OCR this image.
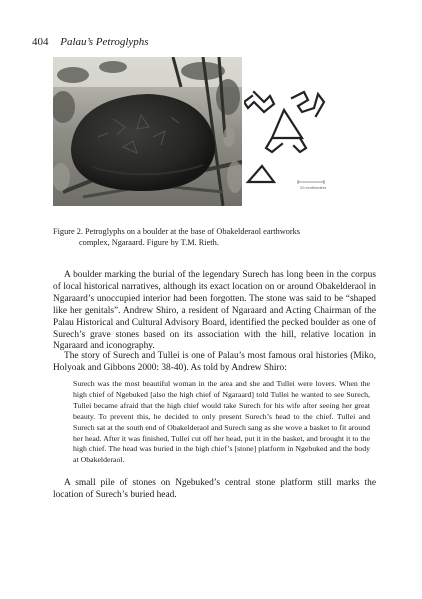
404 Palau’s Petroglyphs
20 centimeters
Figure 2. Petroglyphs on a boulder at the base of Obakelderaol earthworks
complex, Ngaraard. Figure by T.M. Rieth.

A boulder marking the burial of the legendary Surech has long been in the corpus of local historical narratives, although its exact location on or around Obakelderaol in Ngaraard’s unoccupied interior had been forgotten. The stone was said to be “shaped like her genitals”. Andrew Shiro, a resident of Ngaraard and Acting Chairman of the Palau Historical and Cultural Advisory Board, identified the pecked boulder as one of Surech’s grave stones based on its association with the hill, relative location in Ngaraard and iconography.

The story of Surech and Tullei is one of Palau’s most famous oral histories (Miko, Holyoak and Gibbons 2000: 38-40). As told by Andrew Shiro:

Surech was the most beautiful woman in the area and she and Tullei were lovers. When the high chief of Ngebuked [also the high chief of Ngaraard] told Tullei he wanted to see Surech, Tullei became afraid that the high chief would take Surech for his wife after seeing her great beauty. To prevent this, he decided to only present Surech’s head to the chief. Tullei and Surech sat at the south end of Obakelderaol and Surech sang as she wove a basket to fit around her head. After it was finished, Tullei cut off her head, put it in the basket, and brought it to the high chief. The head was buried in the high chief’s [stone] platform in Ngebuked and the body at Obakelderaol.

A small pile of stones on Ngebuked’s central stone platform still marks the location of Surech’s buried head.
